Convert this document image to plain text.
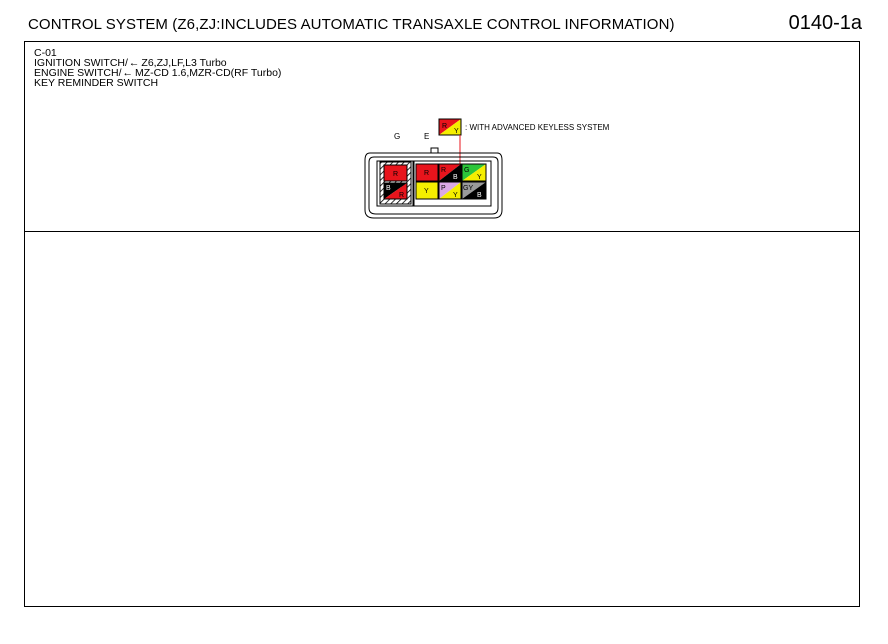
CONTROL SYSTEM (Z6,ZJ:INCLUDES AUTOMATIC TRANSAXLE CONTROL INFORMATION)	0140-1a
C-01
IGNITION SWITCH/← Z6,ZJ,LF,L3 Turbo
ENGINE SWITCH/← MZ-CD 1.6,MZR-CD(RF Turbo)
KEY REMINDER SWITCH
R
Y : WITH ADVANCED KEYLESS SYSTEM
G	E
R
B
R
R R
B
G
Y
Y P
Y
GY
B
